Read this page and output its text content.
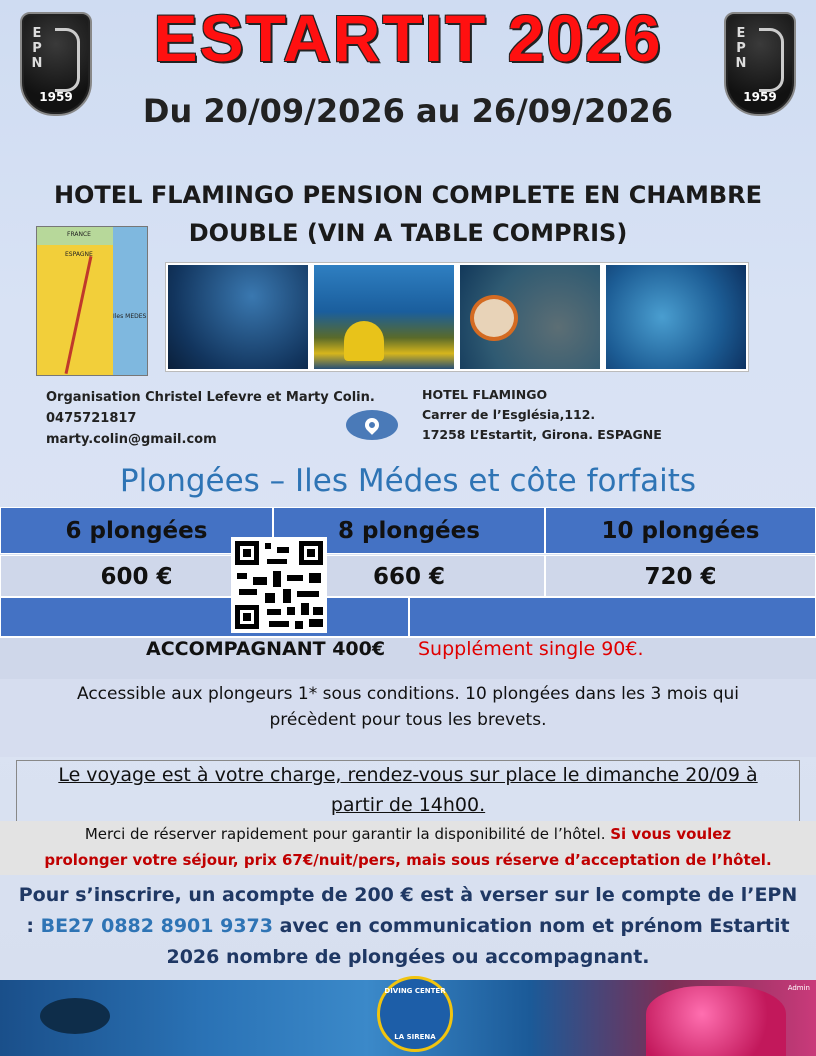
E
P
N
1959
E
P
N
1959
ESTARTIT 2026
Du 20/09/2026 au 26/09/2026
HOTEL FLAMINGO PENSION COMPLETE EN CHAMBRE
DOUBLE (VIN A TABLE COMPRIS)
FRANCE
ESPAGNE
Iles MEDES
Organisation Christel Lefevre et Marty Colin.
0475721817
marty.colin@gmail.com
HOTEL FLAMINGO
Carrer de l’Església,112.
17258 L’Estartit, Girona. ESPAGNE
Plongées – Iles Médes et côte forfaits
6 plongées	8 plongées	10 plongées
600 €	660 €	720 €
ACCOMPAGNANT 400€ Supplément single 90€.
Accessible aux plongeurs 1* sous conditions. 10 plongées dans les 3 mois qui
précèdent pour tous les brevets.
Le voyage est à votre charge, rendez-vous sur place le dimanche 20/09 à
partir de 14h00.
Merci de réserver rapidement pour garantir la disponibilité de l’hôtel. Si vous voulez
prolonger votre séjour, prix 67€/nuit/pers, mais sous réserve d’acceptation de l’hôtel.
Pour s’inscrire, un acompte de 200 € est à verser sur le compte de l’EPN
: BE27 0882 8901 9373 avec en communication nom et prénom Estartit
2026 nombre de plongées ou accompagnant.
DIVING CENTER
LA SIRENA
Admin
